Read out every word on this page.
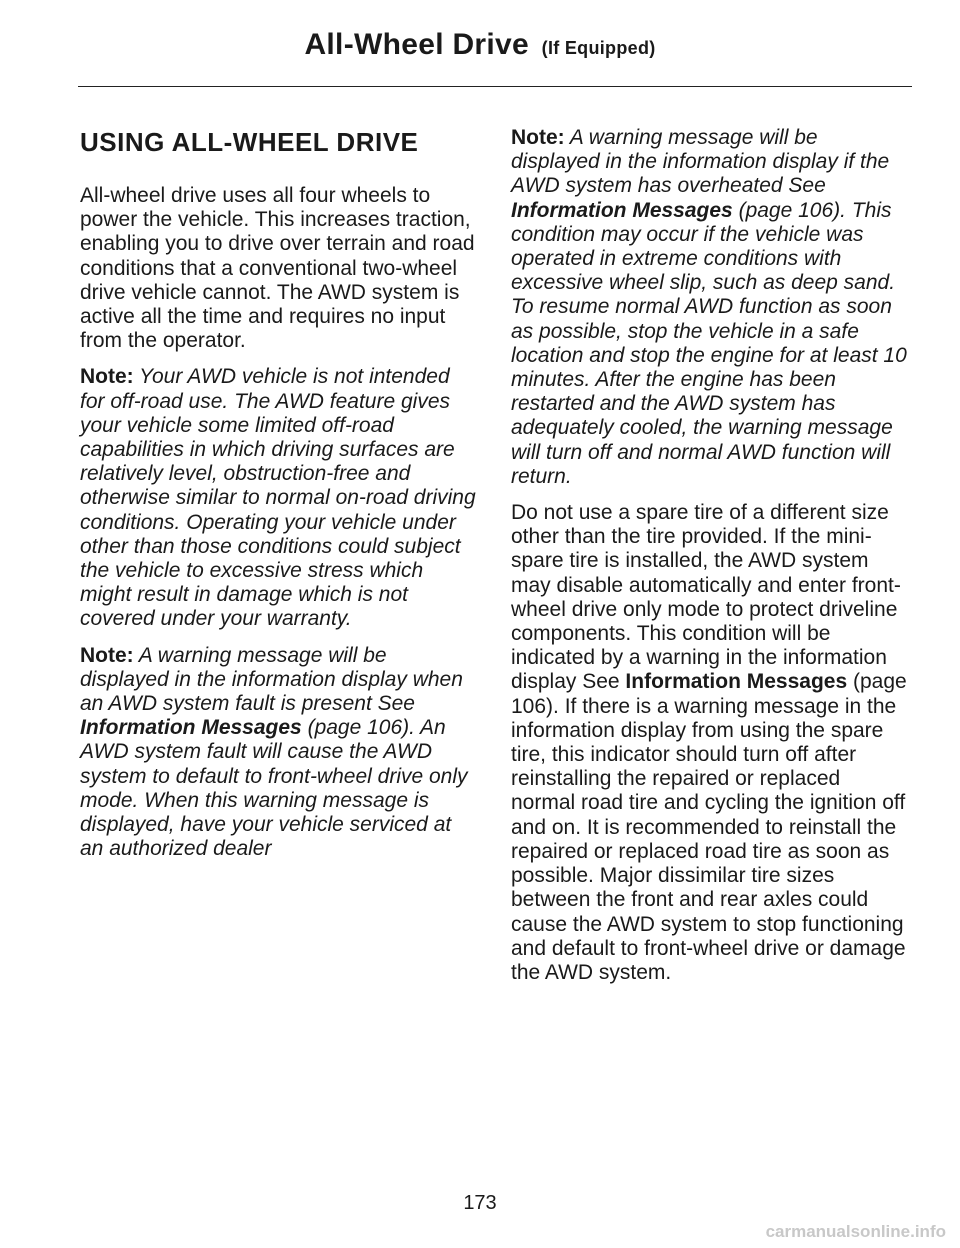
All-Wheel Drive (If Equipped)
USING ALL-WHEEL DRIVE

All-wheel drive uses all four wheels to power the vehicle. This increases traction, enabling you to drive over terrain and road conditions that a conventional two-wheel drive vehicle cannot. The AWD system is active all the time and requires no input from the operator.

Note: Your AWD vehicle is not intended for off-road use. The AWD feature gives your vehicle some limited off-road capabilities in which driving surfaces are relatively level, obstruction-free and otherwise similar to normal on-road driving conditions. Operating your vehicle under other than those conditions could subject the vehicle to excessive stress which might result in damage which is not covered under your warranty.

Note: A warning message will be displayed in the information display when an AWD system fault is present See Information Messages (page 106). An AWD system fault will cause the AWD system to default to front-wheel drive only mode. When this warning message is displayed, have your vehicle serviced at an authorized dealer

Note: A warning message will be displayed in the information display if the AWD system has overheated See Information Messages (page 106). This condition may occur if the vehicle was operated in extreme conditions with excessive wheel slip, such as deep sand. To resume normal AWD function as soon as possible, stop the vehicle in a safe location and stop the engine for at least 10 minutes. After the engine has been restarted and the AWD system has adequately cooled, the warning message will turn off and normal AWD function will return.

Do not use a spare tire of a different size other than the tire provided. If the mini-spare tire is installed, the AWD system may disable automatically and enter front-wheel drive only mode to protect driveline components. This condition will be indicated by a warning in the information display See Information Messages (page 106). If there is a warning message in the information display from using the spare tire, this indicator should turn off after reinstalling the repaired or replaced normal road tire and cycling the ignition off and on. It is recommended to reinstall the repaired or replaced road tire as soon as possible. Major dissimilar tire sizes between the front and rear axles could cause the AWD system to stop functioning and default to front-wheel drive or damage the AWD system.

173
carmanualsonline.info
